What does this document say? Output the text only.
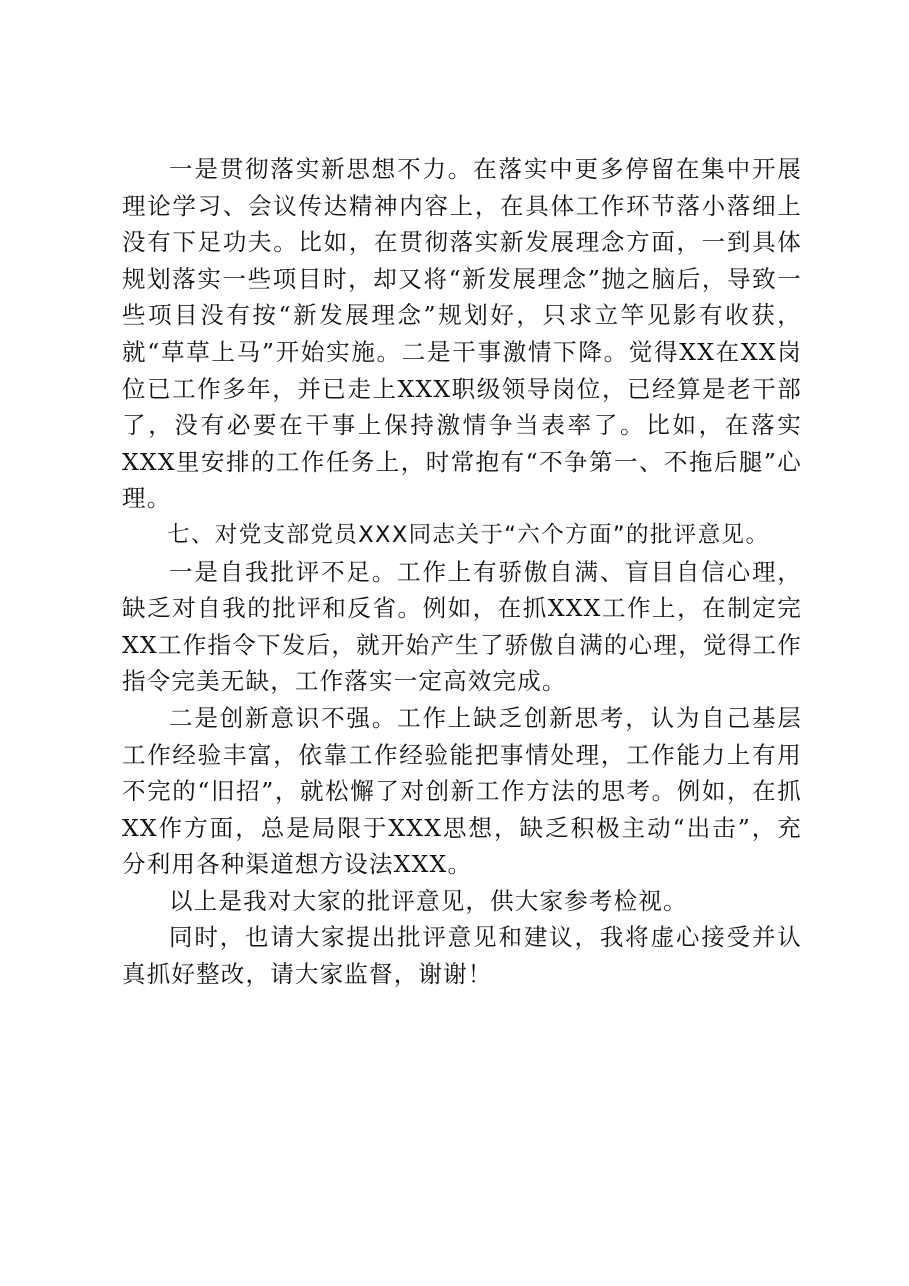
一是贯彻落实新思想不力。在落实中更多停留在集中开展理论学习、会议传达精神内容上，在具体工作环节落小落细上没有下足功夫。比如，在贯彻落实新发展理念方面，一到具体规划落实一些项目时，却又将“新发展理念”抛之脑后，导致一些项目没有按“新发展理念”规划好，只求立竿见影有收获，就“草草上马”开始实施。二是干事激情下降。觉得XX在XX岗位已工作多年，并已走上XXX职级领导岗位，已经算是老干部了，没有必要在干事上保持激情争当表率了。比如，在落实XXX里安排的工作任务上，时常抱有“不争第一、不拖后腿”心理。

七、对党支部党员XXX同志关于“六个方面”的批评意见。

一是自我批评不足。工作上有骄傲自满、盲目自信心理，缺乏对自我的批评和反省。例如，在抓XXX工作上，在制定完XX工作指令下发后，就开始产生了骄傲自满的心理，觉得工作指令完美无缺，工作落实一定高效完成。

二是创新意识不强。工作上缺乏创新思考，认为自己基层工作经验丰富，依靠工作经验能把事情处理，工作能力上有用不完的“旧招”，就松懈了对创新工作方法的思考。例如，在抓XX作方面，总是局限于XXX思想，缺乏积极主动“出击”，充分利用各种渠道想方设法XXX。

以上是我对大家的批评意见，供大家参考检视。

同时，也请大家提出批评意见和建议，我将虚心接受并认真抓好整改，请大家监督，谢谢！
